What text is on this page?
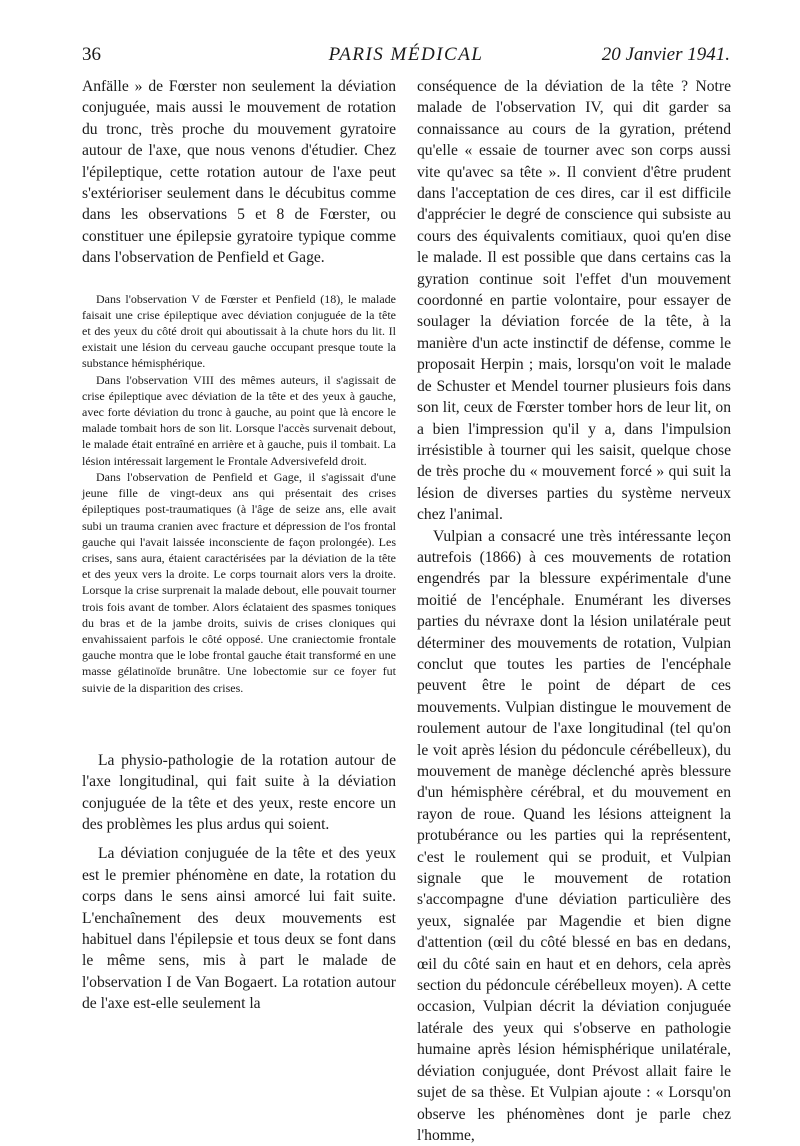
36	PARIS MÉDICAL	20 Janvier 1941.

Anfälle » de Fœrster non seulement la déviation conjuguée, mais aussi le mouvement de rotation du tronc, très proche du mouvement gyratoire autour de l'axe, que nous venons d'étudier. Chez l'épileptique, cette rotation autour de l'axe peut s'extérioriser seulement dans le décubitus comme dans les observations 5 et 8 de Fœrster, ou constituer une épilepsie gyratoire typique comme dans l'observation de Penfield et Gage.

Dans l'observation V de Fœrster et Penfield (18), le malade faisait une crise épileptique avec déviation conjuguée de la tête et des yeux du côté droit qui aboutissait à la chute hors du lit. Il existait une lésion du cerveau gauche occupant presque toute la substance hémisphérique.

Dans l'observation VIII des mêmes auteurs, il s'agissait de crise épileptique avec déviation de la tête et des yeux à gauche, avec forte déviation du tronc à gauche, au point que là encore le malade tombait hors de son lit. Lorsque l'accès survenait debout, le malade était entraîné en arrière et à gauche, puis il tombait. La lésion intéressait largement le Frontale Adversivefeld droit.

Dans l'observation de Penfield et Gage, il s'agissait d'une jeune fille de vingt-deux ans qui présentait des crises épileptiques post-traumatiques (à l'âge de seize ans, elle avait subi un trauma cranien avec fracture et dépression de l'os frontal gauche qui l'avait laissée inconsciente de façon prolongée). Les crises, sans aura, étaient caractérisées par la déviation de la tête et des yeux vers la droite. Le corps tournait alors vers la droite. Lorsque la crise surprenait la malade debout, elle pouvait tourner trois fois avant de tomber. Alors éclataient des spasmes toniques du bras et de la jambe droits, suivis de crises cloniques qui envahissaient parfois le côté opposé. Une craniectomie frontale gauche montra que le lobe frontal gauche était transformé en une masse gélatinoïde brunâtre. Une lobectomie sur ce foyer fut suivie de la disparition des crises.

La physio-pathologie de la rotation autour de l'axe longitudinal, qui fait suite à la déviation conjuguée de la tête et des yeux, reste encore un des problèmes les plus ardus qui soient.

La déviation conjuguée de la tête et des yeux est le premier phénomène en date, la rotation du corps dans le sens ainsi amorcé lui fait suite. L'enchaînement des deux mouvements est habituel dans l'épilepsie et tous deux se font dans le même sens, mis à part le malade de l'observation I de Van Bogaert. La rotation autour de l'axe est-elle seulement la

conséquence de la déviation de la tête ? Notre malade de l'observation IV, qui dit garder sa connaissance au cours de la gyration, prétend qu'elle « essaie de tourner avec son corps aussi vite qu'avec sa tête ». Il convient d'être prudent dans l'acceptation de ces dires, car il est difficile d'apprécier le degré de conscience qui subsiste au cours des équivalents comitiaux, quoi qu'en dise le malade. Il est possible que dans certains cas la gyration continue soit l'effet d'un mouvement coordonné en partie volontaire, pour essayer de soulager la déviation forcée de la tête, à la manière d'un acte instinctif de défense, comme le proposait Herpin ; mais, lorsqu'on voit le malade de Schuster et Mendel tourner plusieurs fois dans son lit, ceux de Fœrster tomber hors de leur lit, on a bien l'impression qu'il y a, dans l'impulsion irrésistible à tourner qui les saisit, quelque chose de très proche du « mouvement forcé » qui suit la lésion de diverses parties du système nerveux chez l'animal.

Vulpian a consacré une très intéressante leçon autrefois (1866) à ces mouvements de rotation engendrés par la blessure expérimentale d'une moitié de l'encéphale. Enumérant les diverses parties du névraxe dont la lésion unilatérale peut déterminer des mouvements de rotation, Vulpian conclut que toutes les parties de l'encéphale peuvent être le point de départ de ces mouvements. Vulpian distingue le mouvement de roulement autour de l'axe longitudinal (tel qu'on le voit après lésion du pédoncule cérébelleux), du mouvement de manège déclenché après blessure d'un hémisphère cérébral, et du mouvement en rayon de roue. Quand les lésions atteignent la protubérance ou les parties qui la représentent, c'est le roulement qui se produit, et Vulpian signale que le mouvement de rotation s'accompagne d'une déviation particulière des yeux, signalée par Magendie et bien digne d'attention (œil du côté blessé en bas en dedans, œil du côté sain en haut et en dehors, cela après section du pédoncule cérébelleux moyen). A cette occasion, Vulpian décrit la déviation conjuguée latérale des yeux qui s'observe en pathologie humaine après lésion hémisphérique unilatérale, déviation conjuguée, dont Prévost allait faire le sujet de sa thèse. Et Vulpian ajoute : « Lorsqu'on observe les phénomènes dont je parle chez l'homme,
